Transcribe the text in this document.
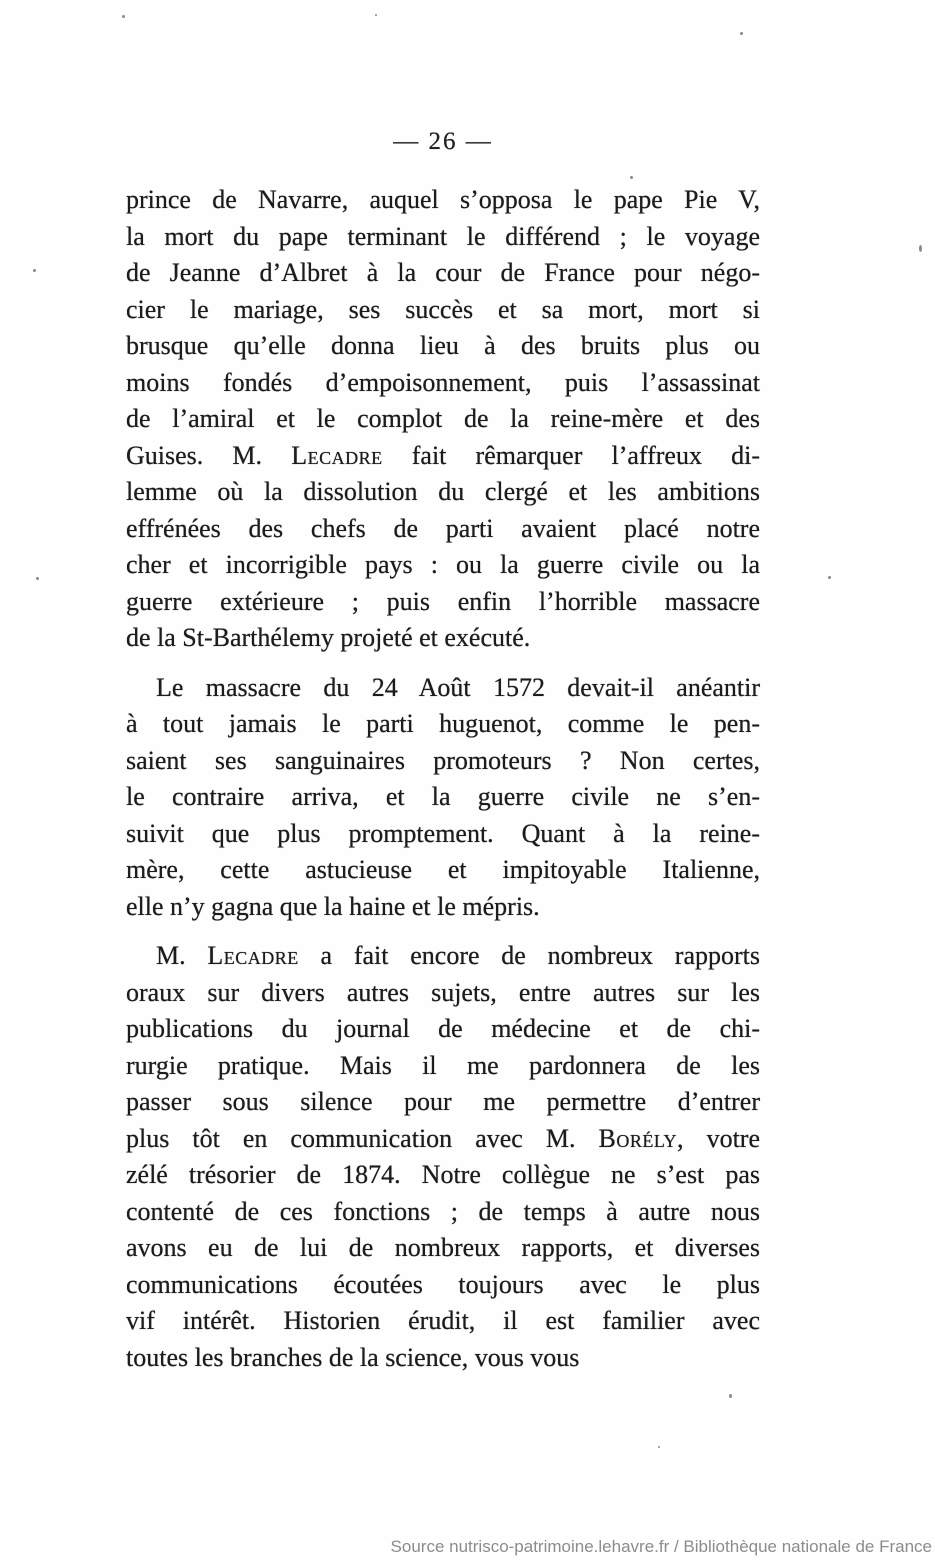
— 26 —
prince de Navarre, auquel s’opposa le pape Pie V,
la mort du pape terminant le différend ; le voyage
de Jeanne d’Albret à la cour de France pour négo-
cier le mariage, ses succès et sa mort, mort si
brusque qu’elle donna lieu à des bruits plus ou
moins fondés d’empoisonnement, puis l’assassinat
de l’amiral et le complot de la reine-mère et des
Guises. M. Lecadre fait rêmarquer l’affreux di-
lemme où la dissolution du clergé et les ambitions
effrénées des chefs de parti avaient placé notre
cher et incorrigible pays : ou la guerre civile ou la
guerre extérieure ; puis enfin l’horrible massacre
de la St-Barthélemy projeté et exécuté.
Le massacre du 24 Août 1572 devait-il anéantir
à tout jamais le parti huguenot, comme le pen-
saient ses sanguinaires promoteurs ? Non certes,
le contraire arriva, et la guerre civile ne s’en-
suivit que plus promptement. Quant à la reine-
mère, cette astucieuse et impitoyable Italienne,
elle n’y gagna que la haine et le mépris.
M. Lecadre a fait encore de nombreux rapports
oraux sur divers autres sujets, entre autres sur les
publications du journal de médecine et de chi-
rurgie pratique. Mais il me pardonnera de les
passer sous silence pour me permettre d’entrer
plus tôt en communication avec M. Borély, votre
zélé trésorier de 1874. Notre collègue ne s’est pas
contenté de ces fonctions ; de temps à autre nous
avons eu de lui de nombreux rapports, et diverses
communications écoutées toujours avec le plus
vif intérêt. Historien érudit, il est familier avec
toutes les branches de la science, vous vous
Source nutrisco-patrimoine.lehavre.fr / Bibliothèque nationale de France
